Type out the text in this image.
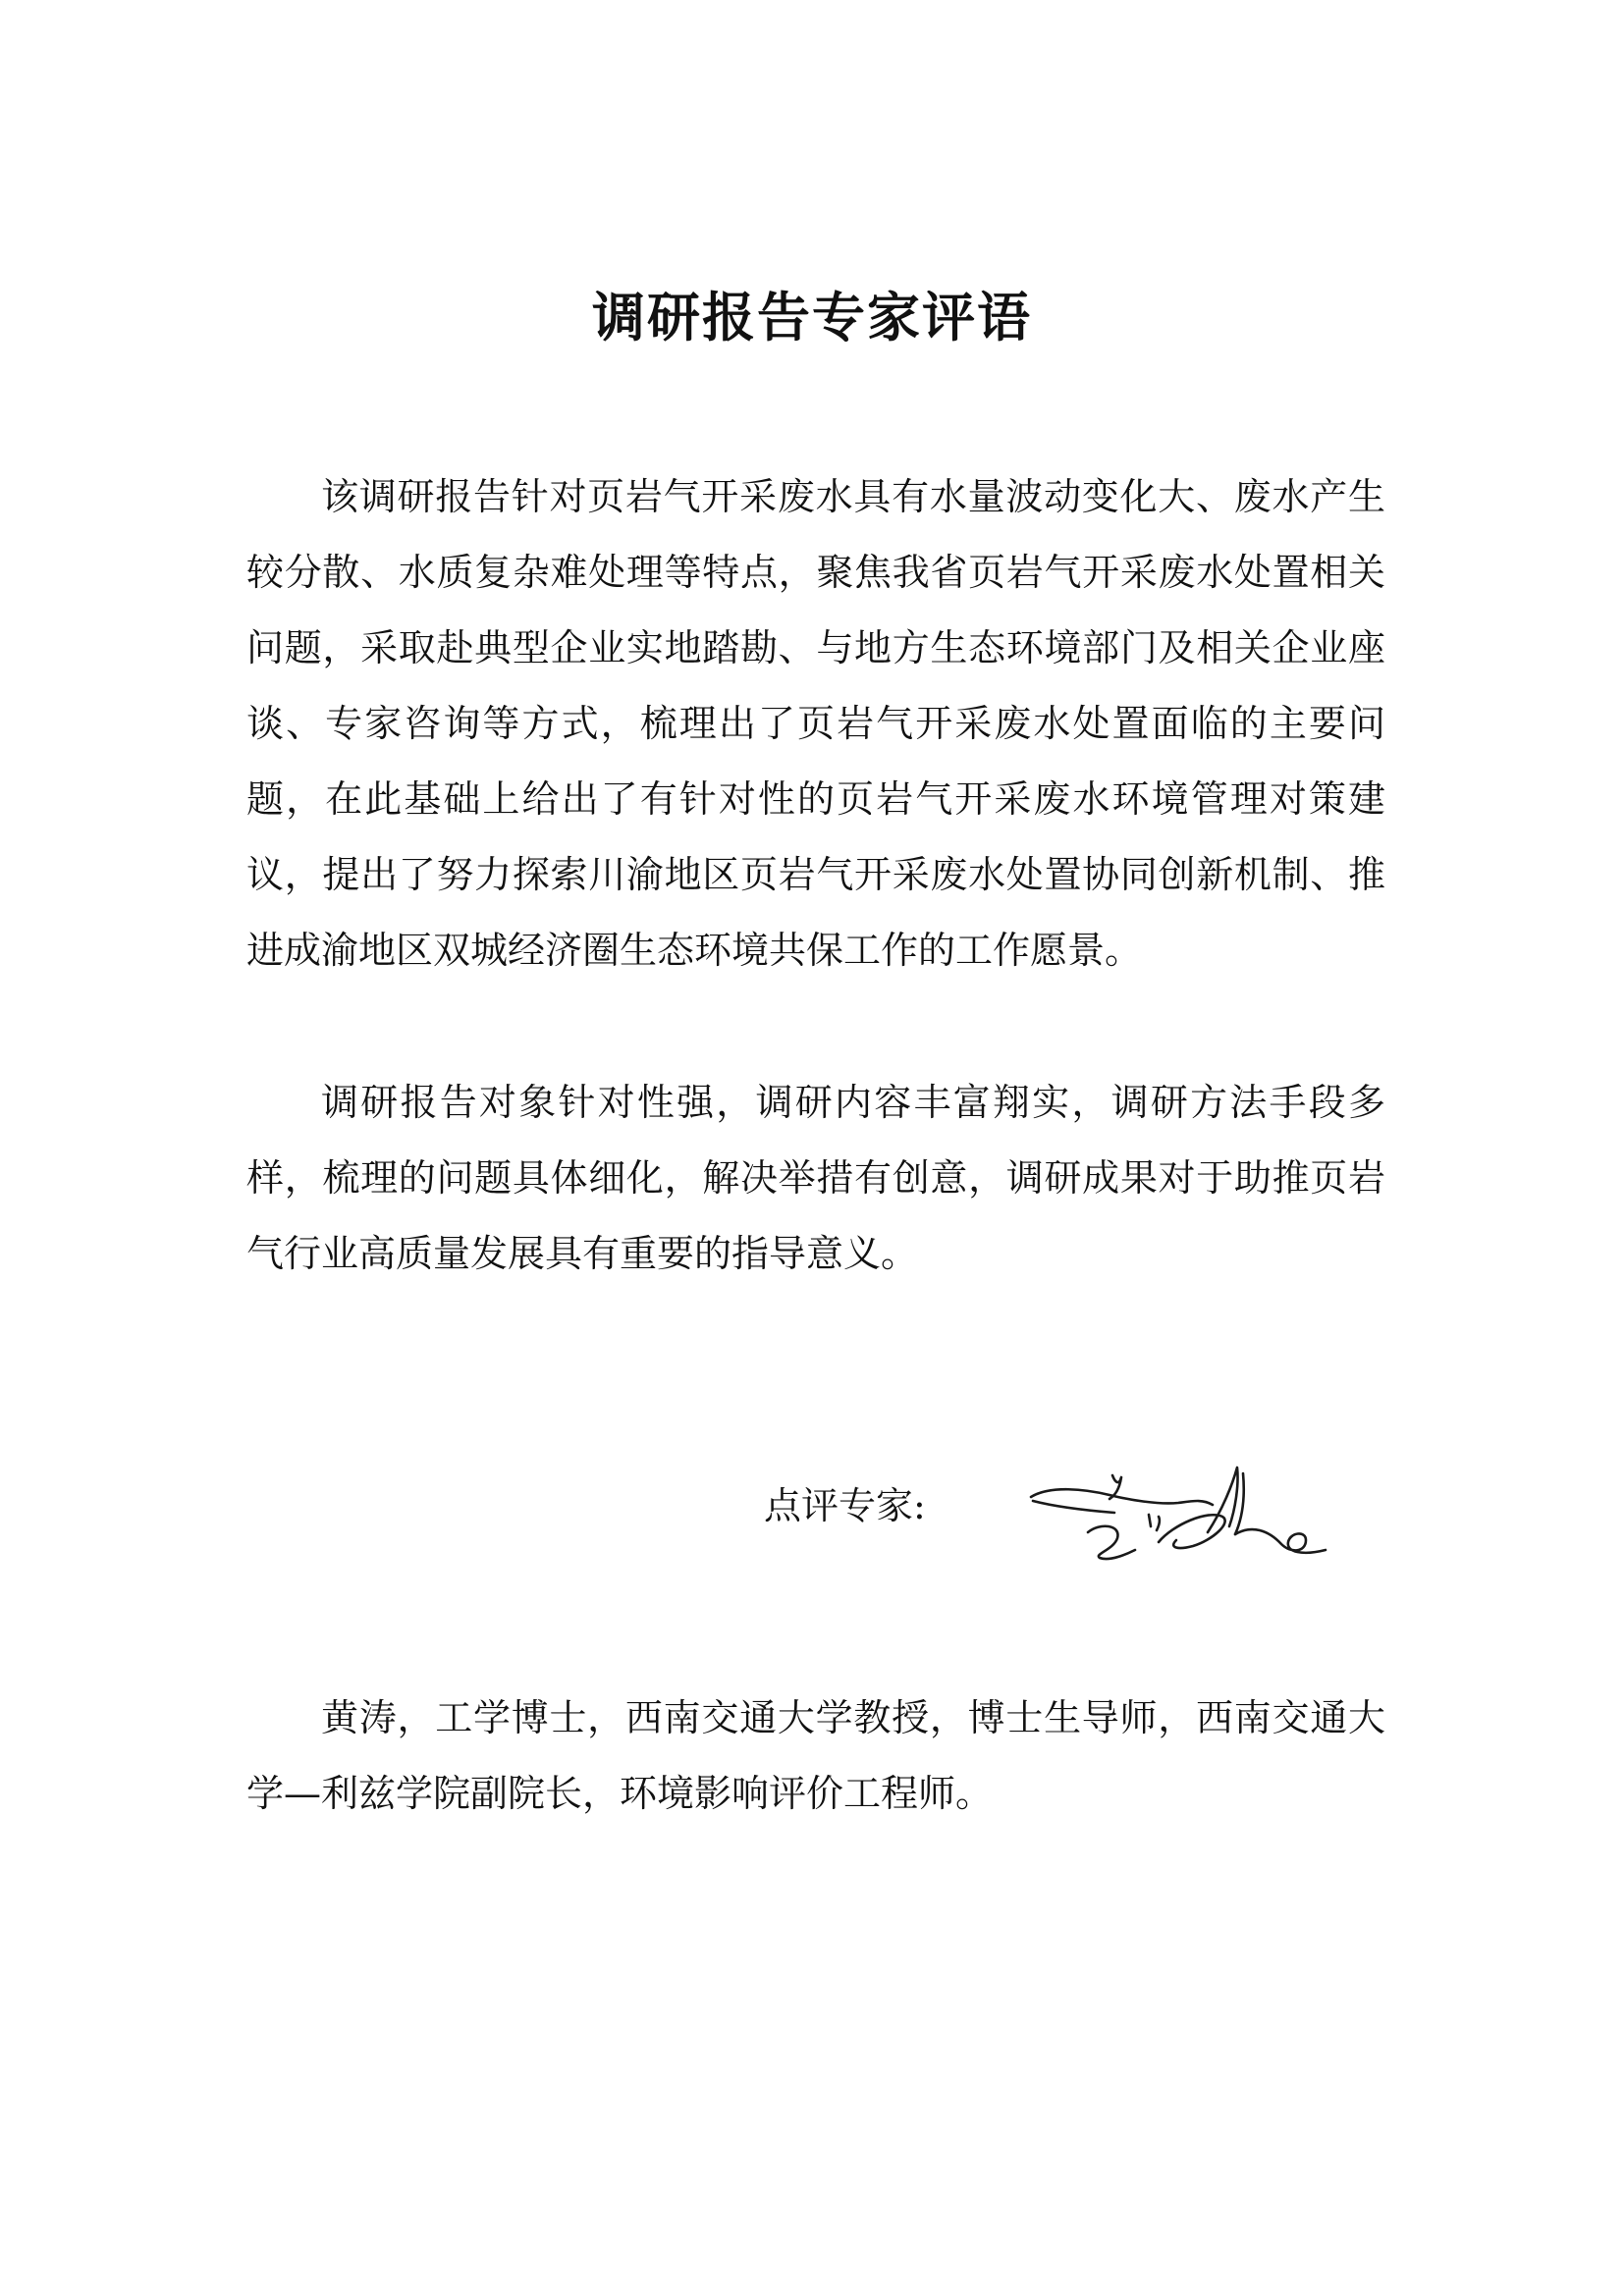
调研报告专家评语

该调研报告针对页岩气开采废水具有水量波动变化大、废水产生较分散、水质复杂难处理等特点，聚焦我省页岩气开采废水处置相关问题，采取赴典型企业实地踏勘、与地方生态环境部门及相关企业座谈、专家咨询等方式，梳理出了页岩气开采废水处置面临的主要问题，在此基础上给出了有针对性的页岩气开采废水环境管理对策建议，提出了努力探索川渝地区页岩气开采废水处置协同创新机制、推进成渝地区双城经济圈生态环境共保工作的工作愿景。

调研报告对象针对性强，调研内容丰富翔实，调研方法手段多样，梳理的问题具体细化，解决举措有创意，调研成果对于助推页岩气行业高质量发展具有重要的指导意义。

点评专家:

黄涛，工学博士，西南交通大学教授，博士生导师，西南交通大学—利兹学院副院长，环境影响评价工程师。
